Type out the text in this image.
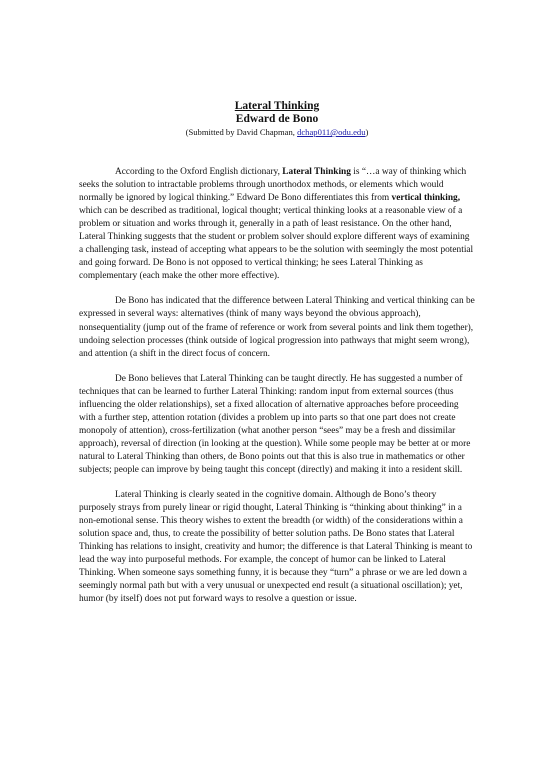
Lateral Thinking
Edward de Bono
(Submitted by David Chapman, dchap011@odu.edu)

According to the Oxford English dictionary, Lateral Thinking is “…a way of thinking which seeks the solution to intractable problems through unorthodox methods, or elements which would normally be ignored by logical thinking.” Edward De Bono differentiates this from vertical thinking, which can be described as traditional, logical thought; vertical thinking looks at a reasonable view of a problem or situation and works through it, generally in a path of least resistance. On the other hand, Lateral Thinking suggests that the student or problem solver should explore different ways of examining a challenging task, instead of accepting what appears to be the solution with seemingly the most potential and going forward. De Bono is not opposed to vertical thinking; he sees Lateral Thinking as complementary (each make the other more effective).

De Bono has indicated that the difference between Lateral Thinking and vertical thinking can be expressed in several ways: alternatives (think of many ways beyond the obvious approach), nonsequentiality (jump out of the frame of reference or work from several points and link them together), undoing selection processes (think outside of logical progression into pathways that might seem wrong), and attention (a shift in the direct focus of concern.

De Bono believes that Lateral Thinking can be taught directly. He has suggested a number of techniques that can be learned to further Lateral Thinking: random input from external sources (thus influencing the older relationships), set a fixed allocation of alternative approaches before proceeding with a further step, attention rotation (divides a problem up into parts so that one part does not create monopoly of attention), cross-fertilization (what another person “sees” may be a fresh and dissimilar approach), reversal of direction (in looking at the question). While some people may be better at or more natural to Lateral Thinking than others, de Bono points out that this is also true in mathematics or other subjects; people can improve by being taught this concept (directly) and making it into a resident skill.

Lateral Thinking is clearly seated in the cognitive domain. Although de Bono’s theory purposely strays from purely linear or rigid thought, Lateral Thinking is “thinking about thinking” in a non-emotional sense. This theory wishes to extent the breadth (or width) of the considerations within a solution space and, thus, to create the possibility of better solution paths. De Bono states that Lateral Thinking has relations to insight, creativity and humor; the difference is that Lateral Thinking is meant to lead the way into purposeful methods. For example, the concept of humor can be linked to Lateral Thinking. When someone says something funny, it is because they “turn” a phrase or we are led down a seemingly normal path but with a very unusual or unexpected end result (a situational oscillation); yet, humor (by itself) does not put forward ways to resolve a question or issue.
